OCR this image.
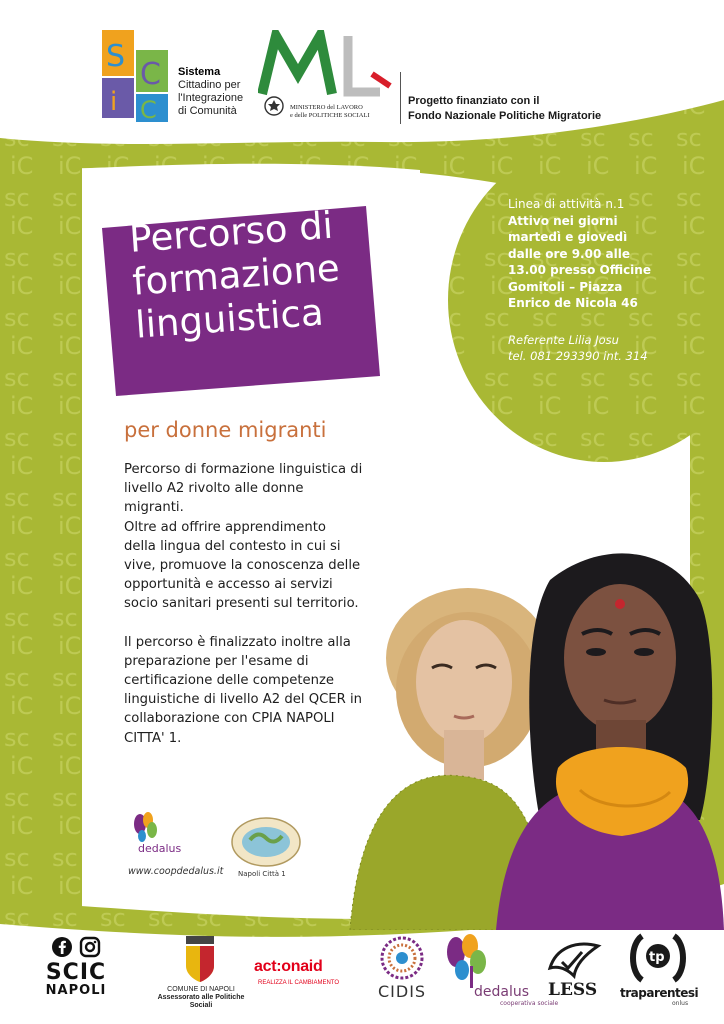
S
C
i C
Sistema
Cittadino per
l'Integrazione
di Comunità	MINISTERO del LAVORO
e delle POLITICHE SOCIALI
Progetto finanziato con il
Fondo Nazionale Politiche Migratorie
Percorso di
formazione
linguistica
per donne migranti

Percorso di formazione linguistica di
livello A2 rivolto alle donne
migranti.
Oltre ad offrire apprendimento
della lingua del contesto in cui si
vive, promuove la conoscenza delle
opportunità e accesso ai servizi
socio sanitari presenti sul territorio.

Il percorso è finalizzato inoltre alla
preparazione per l'esame di
certificazione delle competenze
linguistiche di livello A2 del QCER in
collaborazione con CPIA NAPOLI
CITTA' 1.

Linea di attività n.1
Attivo nei giorni
martedì e giovedì
dalle ore 9.00 alle
13.00 presso Officine
Gomitoli – Piazza
Enrico de Nicola 46
Referente Lilia Josu
tel. 081 293390 int. 314
dedalus
Napoli Città 1
www.coopdedalus.it
SCIC
NAPOLI	COMUNE DI NAPOLI
Assessorato alle Politiche Sociali
act:onaid
REALIZZA IL CAMBIAMENTO CIDIS	dedalus
cooperativa sociale
LESS
tp
traparentesi
onlus
